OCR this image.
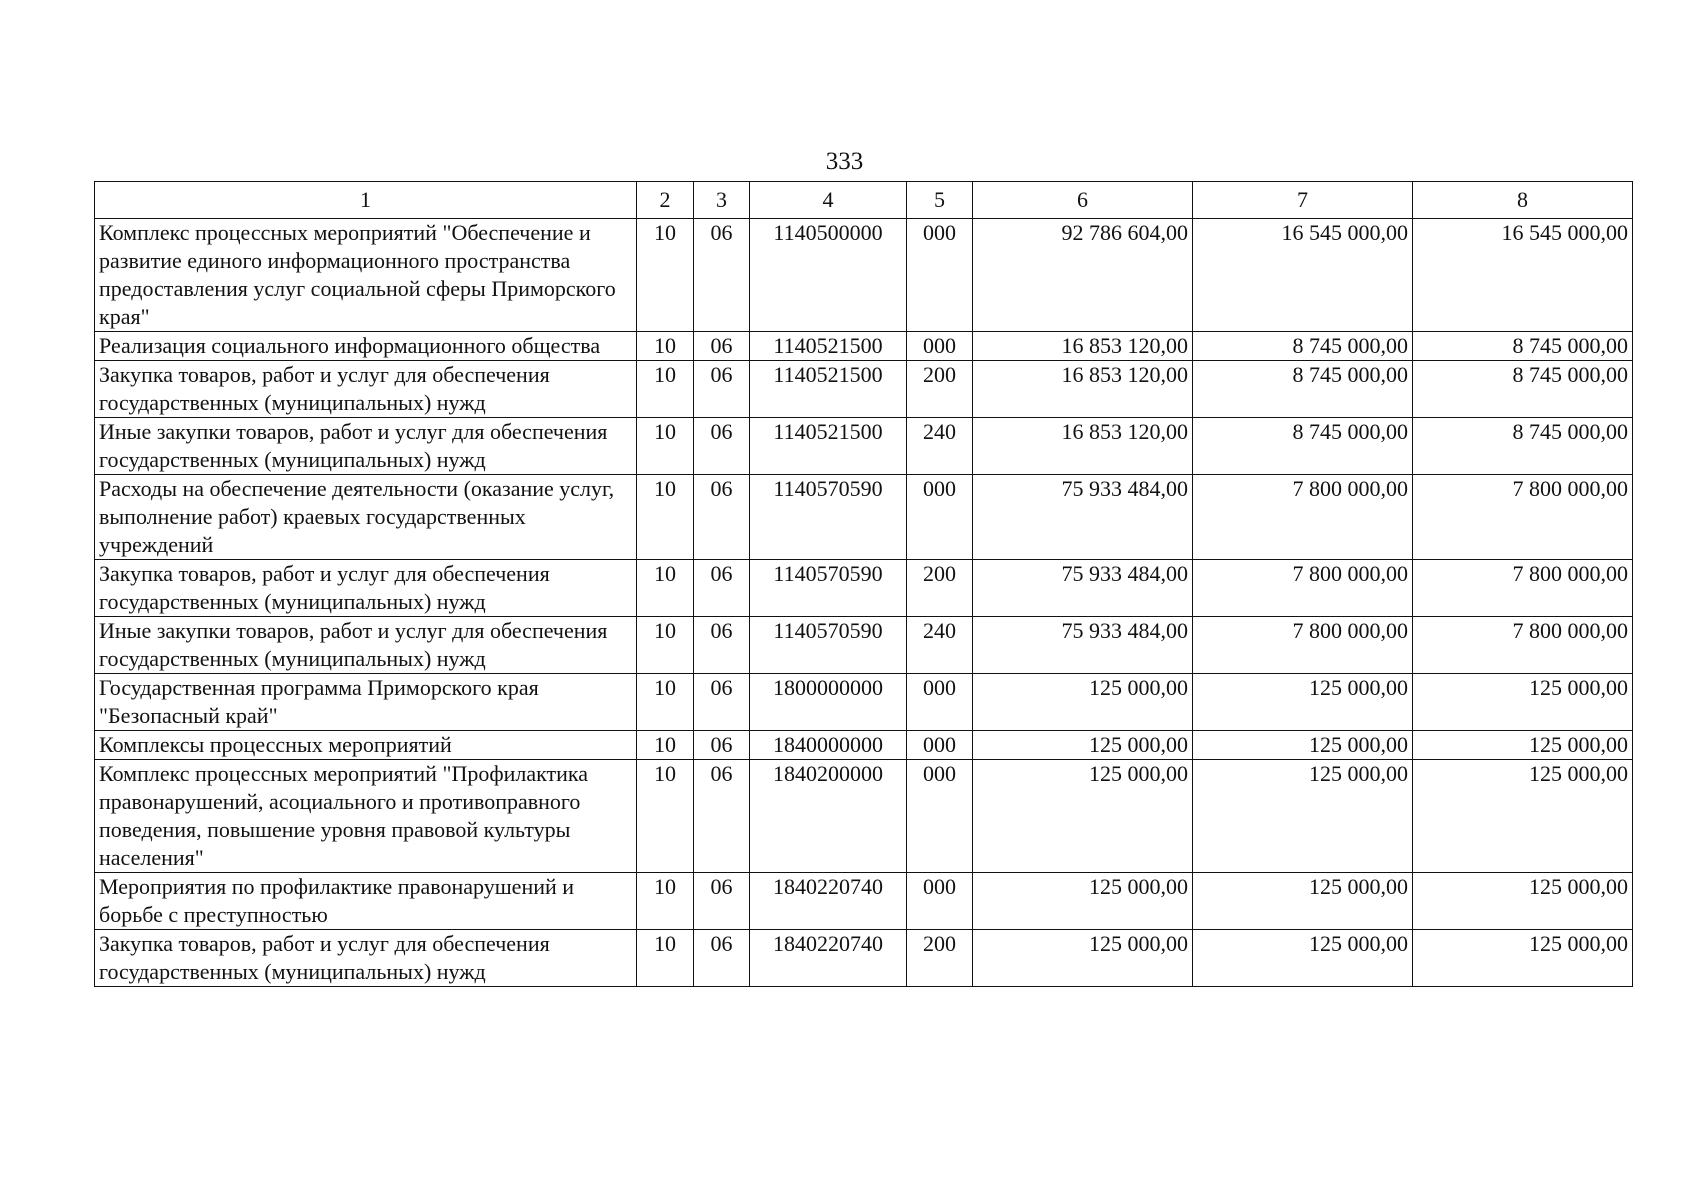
333
1	2	3	4	5	6	7	8
Комплекс процессных мероприятий "Обеспечение и развитие единого информационного пространства предоставления услуг социальной сферы Приморского края"	10	06	1140500000	000	92 786 604,00	16 545 000,00	16 545 000,00
Реализация социального информационного общества	10	06	1140521500	000	16 853 120,00	8 745 000,00	8 745 000,00
Закупка товаров, работ и услуг для обеспечения государственных (муниципальных) нужд	10	06	1140521500	200	16 853 120,00	8 745 000,00	8 745 000,00
Иные закупки товаров, работ и услуг для обеспечения государственных (муниципальных) нужд	10	06	1140521500	240	16 853 120,00	8 745 000,00	8 745 000,00
Расходы на обеспечение деятельности (оказание услуг, выполнение работ) краевых государственных учреждений	10	06	1140570590	000	75 933 484,00	7 800 000,00	7 800 000,00
Закупка товаров, работ и услуг для обеспечения государственных (муниципальных) нужд	10	06	1140570590	200	75 933 484,00	7 800 000,00	7 800 000,00
Иные закупки товаров, работ и услуг для обеспечения государственных (муниципальных) нужд	10	06	1140570590	240	75 933 484,00	7 800 000,00	7 800 000,00
Государственная программа Приморского края "Безопасный край"	10	06	1800000000	000	125 000,00	125 000,00	125 000,00
Комплексы процессных мероприятий	10	06	1840000000	000	125 000,00	125 000,00	125 000,00
Комплекс процессных мероприятий "Профилактика правонарушений, асоциального и противоправного поведения, повышение уровня правовой культуры населения"	10	06	1840200000	000	125 000,00	125 000,00	125 000,00
Мероприятия по профилактике правонарушений и борьбе с преступностью	10	06	1840220740	000	125 000,00	125 000,00	125 000,00
Закупка товаров, работ и услуг для обеспечения государственных (муниципальных) нужд	10	06	1840220740	200	125 000,00	125 000,00	125 000,00
